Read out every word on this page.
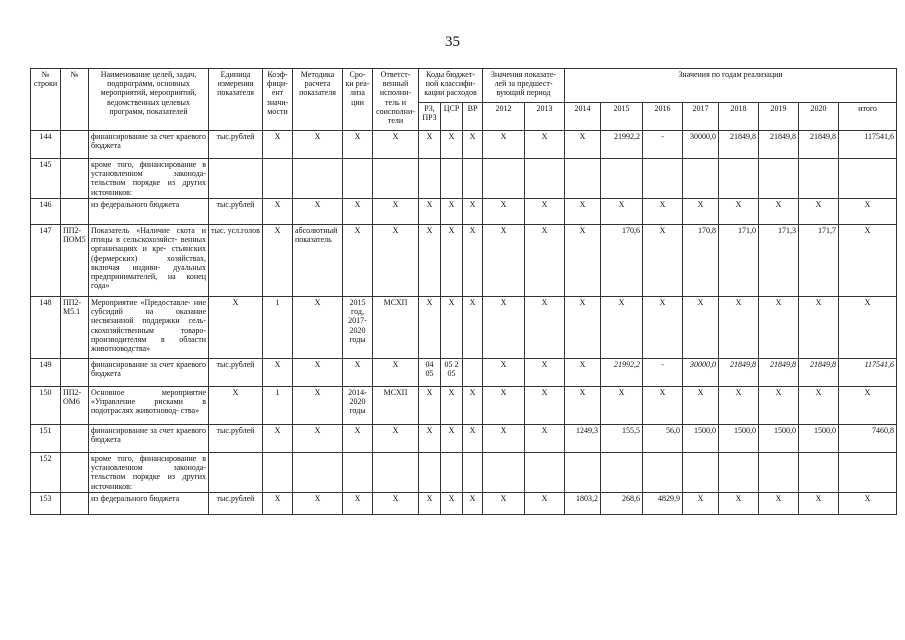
35
№ строки	№	Наименование целей, задач, подпрограмм, основных мероприятий, мероприятий, ведомственных целевых программ, показателей	Единица измерения показателя	Коэф- фици- ент значи- мости	Методика расчета показателя	Сро- ки реа- лиза ции	Ответст- венный исполни- тель и соисполни- тели	Коды бюджет- ной классифи- кации расходов			Значения показате- лей за предшест- вующий период		Значения по годам реализации							
								РЗ, ПРЗ	ЦСР	ВР	2012	2013	2014	2015	2016	2017	2018	2019	2020	итого
144		финансирование за счет краевого бюджета	тыс.рублей	Х	Х	Х	Х	Х	Х	Х	Х	Х	Х	21992,2	-	30000,0	21849,8	21849,8	21849,8	117541,6
145		кроме того, финансирование в установленном законода- тельством порядке из других источников:																		
146		из федерального бюджета	тыс.рублей	Х	Х	Х	Х	Х	Х	Х	Х	Х	Х	Х	Х	Х	Х	Х	Х	Х
147	ПП2- ПОМ5	Показатель «Наличие скота и птицы в сельскохозяйст- венных организациях и кре- стьянских (фермерских) хозяйствах, включая индиви- дуальных предпринимателей, на конец года»	тыс. усл.голов	Х	абсолютный показатель	Х	Х	Х	Х	Х	Х	Х	Х	170,6	Х	170,8	171,0	171,3	171,7	Х
148	ПП2- М5.1	Мероприятие «Предоставле- ние субсидий на оказание несвязанной поддержки сель- скохозяйственным товаро- производителям в области животноводства»	Х	1	Х	2015 год, 2017- 2020 годы	МСХП	Х	Х	Х	Х	Х	Х	Х	Х	Х	Х	Х	Х	Х
149		финансирование за счет краевого бюджета	тыс.рублей	Х	Х	Х	Х	04 05	05 2 05		Х	Х	Х	21992,2	-	30000,0	21849,8	21849,8	21849,8	117541,6
150	ПП2- ОМ6	Основное мероприятие «Управление рисками в подотраслях животновод- ства»	Х	1	Х	2014- 2020 годы	МСХП	Х	Х	Х	Х	Х	Х	Х	Х	Х	Х	Х	Х	Х
151		финансирование за счет краевого бюджета	тыс.рублей	Х	Х	Х	Х	Х	Х	Х	Х	Х	1249,3	155,5	56,0	1500,0	1500,0	1500,0	1500,0	7460,8
152		кроме того, финансирование в установленном законода- тельством порядке из других источников:																		
153		из федерального бюджета	тыс.рублей	Х	Х	Х	Х	Х	Х	Х	Х	Х	1803,2	268,6	4829,9	Х	Х	Х	Х	Х
